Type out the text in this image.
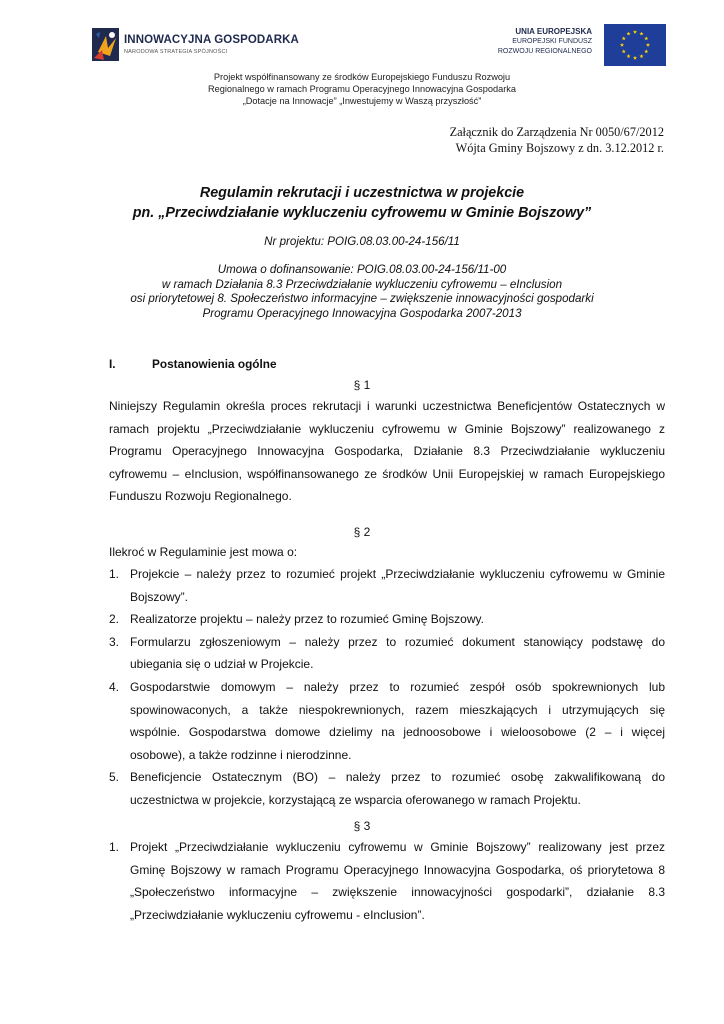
INNOWACYJNA GOSPODARKA
NARODOWA STRATEGIA SPÓJNOŚCI
UNIA EUROPEJSKA
EUROPEJSKI FUNDUSZ
ROZWOJU REGIONALNEGO
Projekt współfinansowany ze środków Europejskiego Funduszu Rozwoju
Regionalnego w ramach Programu Operacyjnego Innowacyjna Gospodarka
„Dotacje na Innowacje” „Inwestujemy w Waszą przyszłość”
Załącznik do Zarządzenia Nr 0050/67/2012
Wójta Gminy Bojszowy z dn. 3.12.2012 r.
Regulamin rekrutacji i uczestnictwa w projekcie
pn. „Przeciwdziałanie wykluczeniu cyfrowemu w Gminie Bojszowy”
Nr projektu: POIG.08.03.00-24-156/11
Umowa o dofinansowanie: POIG.08.03.00-24-156/11-00
w ramach Działania 8.3 Przeciwdziałanie wykluczeniu cyfrowemu – eInclusion
osi priorytetowej 8. Społeczeństwo informacyjne – zwiększenie innowacyjności gospodarki
Programu Operacyjnego Innowacyjna Gospodarka 2007-2013
I.	Postanowienia ogólne
§ 1
Niniejszy Regulamin określa proces rekrutacji i warunki uczestnictwa Beneficjentów Ostatecznych w
ramach projektu „Przeciwdziałanie wykluczeniu cyfrowemu w Gminie Bojszowy” realizowanego z
Programu Operacyjnego Innowacyjna Gospodarka, Działanie 8.3 Przeciwdziałanie wykluczeniu
cyfrowemu – eInclusion, współfinansowanego ze środków Unii Europejskiej w ramach Europejskiego
Funduszu Rozwoju Regionalnego.
§ 2
Ilekroć w Regulaminie jest mowa o:
1. Projekcie – należy przez to rozumieć projekt „Przeciwdziałanie wykluczeniu cyfrowemu w Gminie
Bojszowy”.
2. Realizatorze projektu – należy przez to rozumieć Gminę Bojszowy.
3. Formularzu zgłoszeniowym – należy przez to rozumieć dokument stanowiący podstawę do
ubiegania się o udział w Projekcie.
4. Gospodarstwie domowym – należy przez to rozumieć zespół osób spokrewnionych lub
spowinowaconych, a także niespokrewnionych, razem mieszkających i utrzymujących się
wspólnie. Gospodarstwa domowe dzielimy na jednoosobowe i wieloosobowe (2 – i więcej
osobowe), a także rodzinne i nierodzinne.
5. Beneficjencie Ostatecznym (BO) – należy przez to rozumieć osobę zakwalifikowaną do
uczestnictwa w projekcie, korzystającą ze wsparcia oferowanego w ramach Projektu.
§ 3
1. Projekt „Przeciwdziałanie wykluczeniu cyfrowemu w Gminie Bojszowy” realizowany jest przez
Gminę Bojszowy w ramach Programu Operacyjnego Innowacyjna Gospodarka, oś priorytetowa 8
„Społeczeństwo informacyjne – zwiększenie innowacyjności gospodarki”, działanie 8.3
„Przeciwdziałanie wykluczeniu cyfrowemu - eInclusion”.
